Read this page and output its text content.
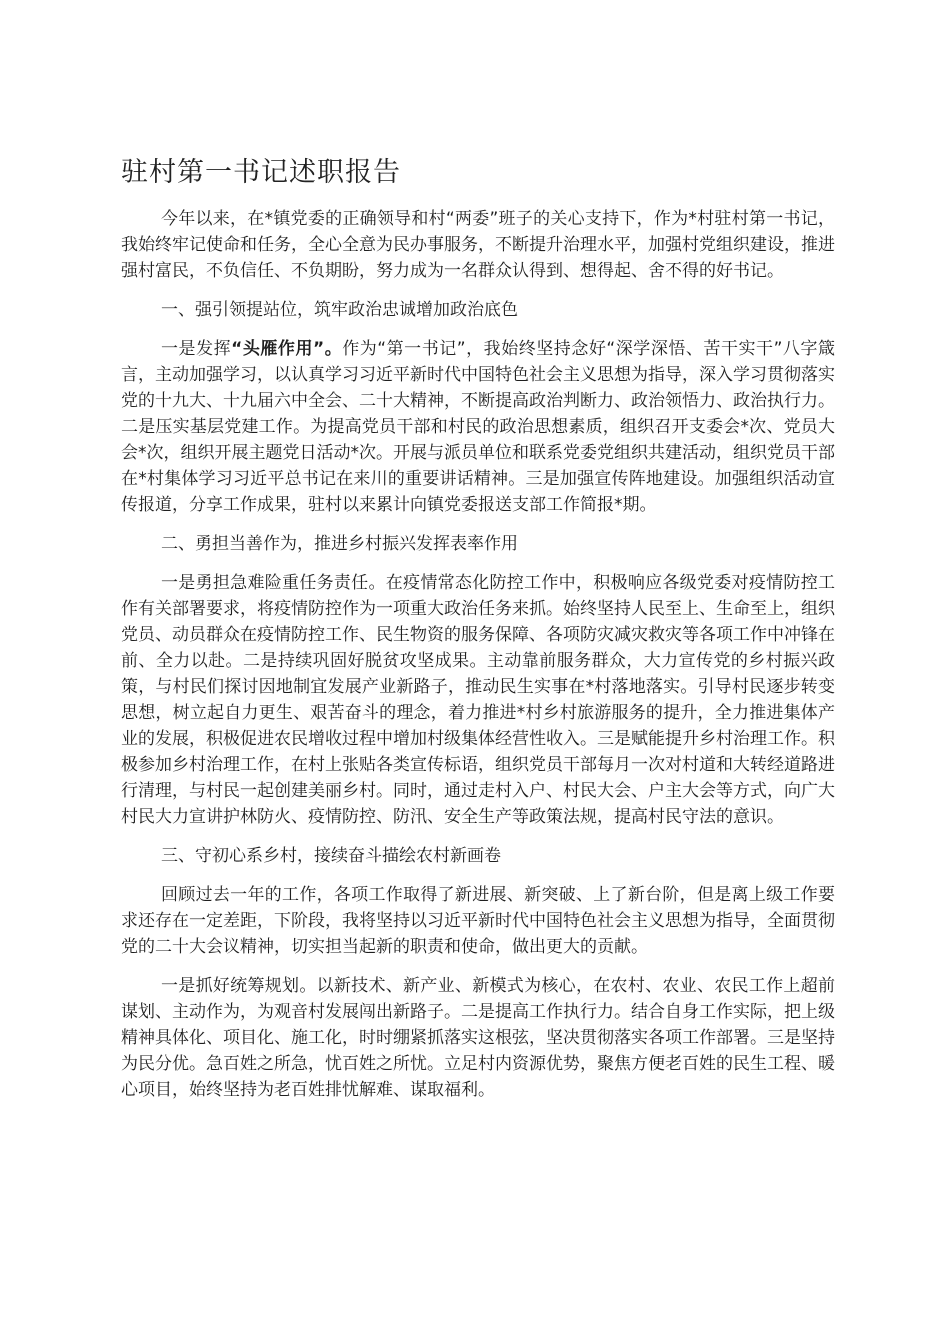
驻村第一书记述职报告

今年以来，在*镇党委的正确领导和村“两委”班子的关心支持下，作为*村驻村第一书记，我始终牢记使命和任务，全心全意为民办事服务，不断提升治理水平，加强村党组织建设，推进强村富民，不负信任、不负期盼，努力成为一名群众认得到、想得起、舍不得的好书记。

一、强引领提站位，筑牢政治忠诚增加政治底色

一是发挥“头雁作用”。作为“第一书记”，我始终坚持念好“深学深悟、苦干实干”八字箴言，主动加强学习，以认真学习习近平新时代中国特色社会主义思想为指导，深入学习贯彻落实党的十九大、十九届六中全会、二十大精神，不断提高政治判断力、政治领悟力、政治执行力。二是压实基层党建工作。为提高党员干部和村民的政治思想素质，组织召开支委会*次、党员大会*次，组织开展主题党日活动*次。开展与派员单位和联系党委党组织共建活动，组织党员干部在*村集体学习习近平总书记在来川的重要讲话精神。三是加强宣传阵地建设。加强组织活动宣传报道，分享工作成果，驻村以来累计向镇党委报送支部工作简报*期。

二、勇担当善作为，推进乡村振兴发挥表率作用

一是勇担急难险重任务责任。在疫情常态化防控工作中，积极响应各级党委对疫情防控工作有关部署要求，将疫情防控作为一项重大政治任务来抓。始终坚持人民至上、生命至上，组织党员、动员群众在疫情防控工作、民生物资的服务保障、各项防灾减灾救灾等各项工作中冲锋在前、全力以赴。二是持续巩固好脱贫攻坚成果。主动靠前服务群众，大力宣传党的乡村振兴政策，与村民们探讨因地制宜发展产业新路子，推动民生实事在*村落地落实。引导村民逐步转变思想，树立起自力更生、艰苦奋斗的理念，着力推进*村乡村旅游服务的提升，全力推进集体产业的发展，积极促进农民增收过程中增加村级集体经营性收入。三是赋能提升乡村治理工作。积极参加乡村治理工作，在村上张贴各类宣传标语，组织党员干部每月一次对村道和大转经道路进行清理，与村民一起创建美丽乡村。同时，通过走村入户、村民大会、户主大会等方式，向广大村民大力宣讲护林防火、疫情防控、防汛、安全生产等政策法规，提高村民守法的意识。

三、守初心系乡村，接续奋斗描绘农村新画卷

回顾过去一年的工作，各项工作取得了新进展、新突破、上了新台阶，但是离上级工作要求还存在一定差距，下阶段，我将坚持以习近平新时代中国特色社会主义思想为指导，全面贯彻党的二十大会议精神，切实担当起新的职责和使命，做出更大的贡献。

一是抓好统筹规划。以新技术、新产业、新模式为核心，在农村、农业、农民工作上超前谋划、主动作为，为观音村发展闯出新路子。二是提高工作执行力。结合自身工作实际，把上级精神具体化、项目化、施工化，时时绷紧抓落实这根弦，坚决贯彻落实各项工作部署。三是坚持为民分优。急百姓之所急，忧百姓之所忧。立足村内资源优势，聚焦方便老百姓的民生工程、暖心项目，始终坚持为老百姓排忧解难、谋取福利。
